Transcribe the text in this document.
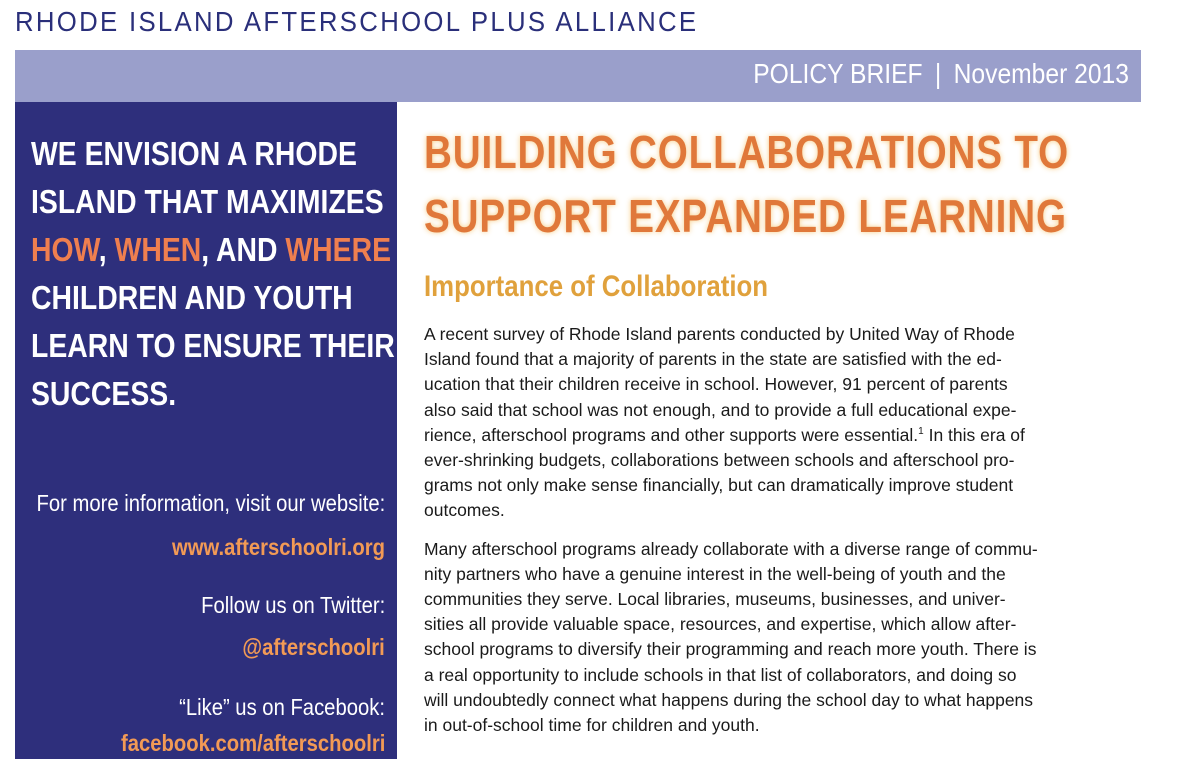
RHODE ISLAND AFTERSCHOOL PLUS ALLIANCE
POLICY BRIEF | November 2013
WE ENVISION A RHODE
ISLAND THAT MAXIMIZES
HOW, WHEN, AND WHERE
CHILDREN AND YOUTH
LEARN TO ENSURE THEIR
SUCCESS.
For more information, visit our website:
www.afterschoolri.org
Follow us on Twitter:
@afterschoolri
“Like” us on Facebook:
facebook.com/afterschoolri
BUILDING COLLABORATIONS TO
SUPPORT EXPANDED LEARNING
Importance of Collaboration
A recent survey of Rhode Island parents conducted by United Way of Rhode
Island found that a majority of parents in the state are satisfied with the ed-
ucation that their children receive in school. However, 91 percent of parents
also said that school was not enough, and to provide a full educational expe-
rience, afterschool programs and other supports were essential.$^1$ In this era of
ever-shrinking budgets, collaborations between schools and afterschool pro-
grams not only make sense financially, but can dramatically improve student
outcomes.
Many afterschool programs already collaborate with a diverse range of commu-
nity partners who have a genuine interest in the well-being of youth and the
communities they serve. Local libraries, museums, businesses, and univer-
sities all provide valuable space, resources, and expertise, which allow after-
school programs to diversify their programming and reach more youth. There is
a real opportunity to include schools in that list of collaborators, and doing so
will undoubtedly connect what happens during the school day to what happens
in out-of-school time for children and youth.
